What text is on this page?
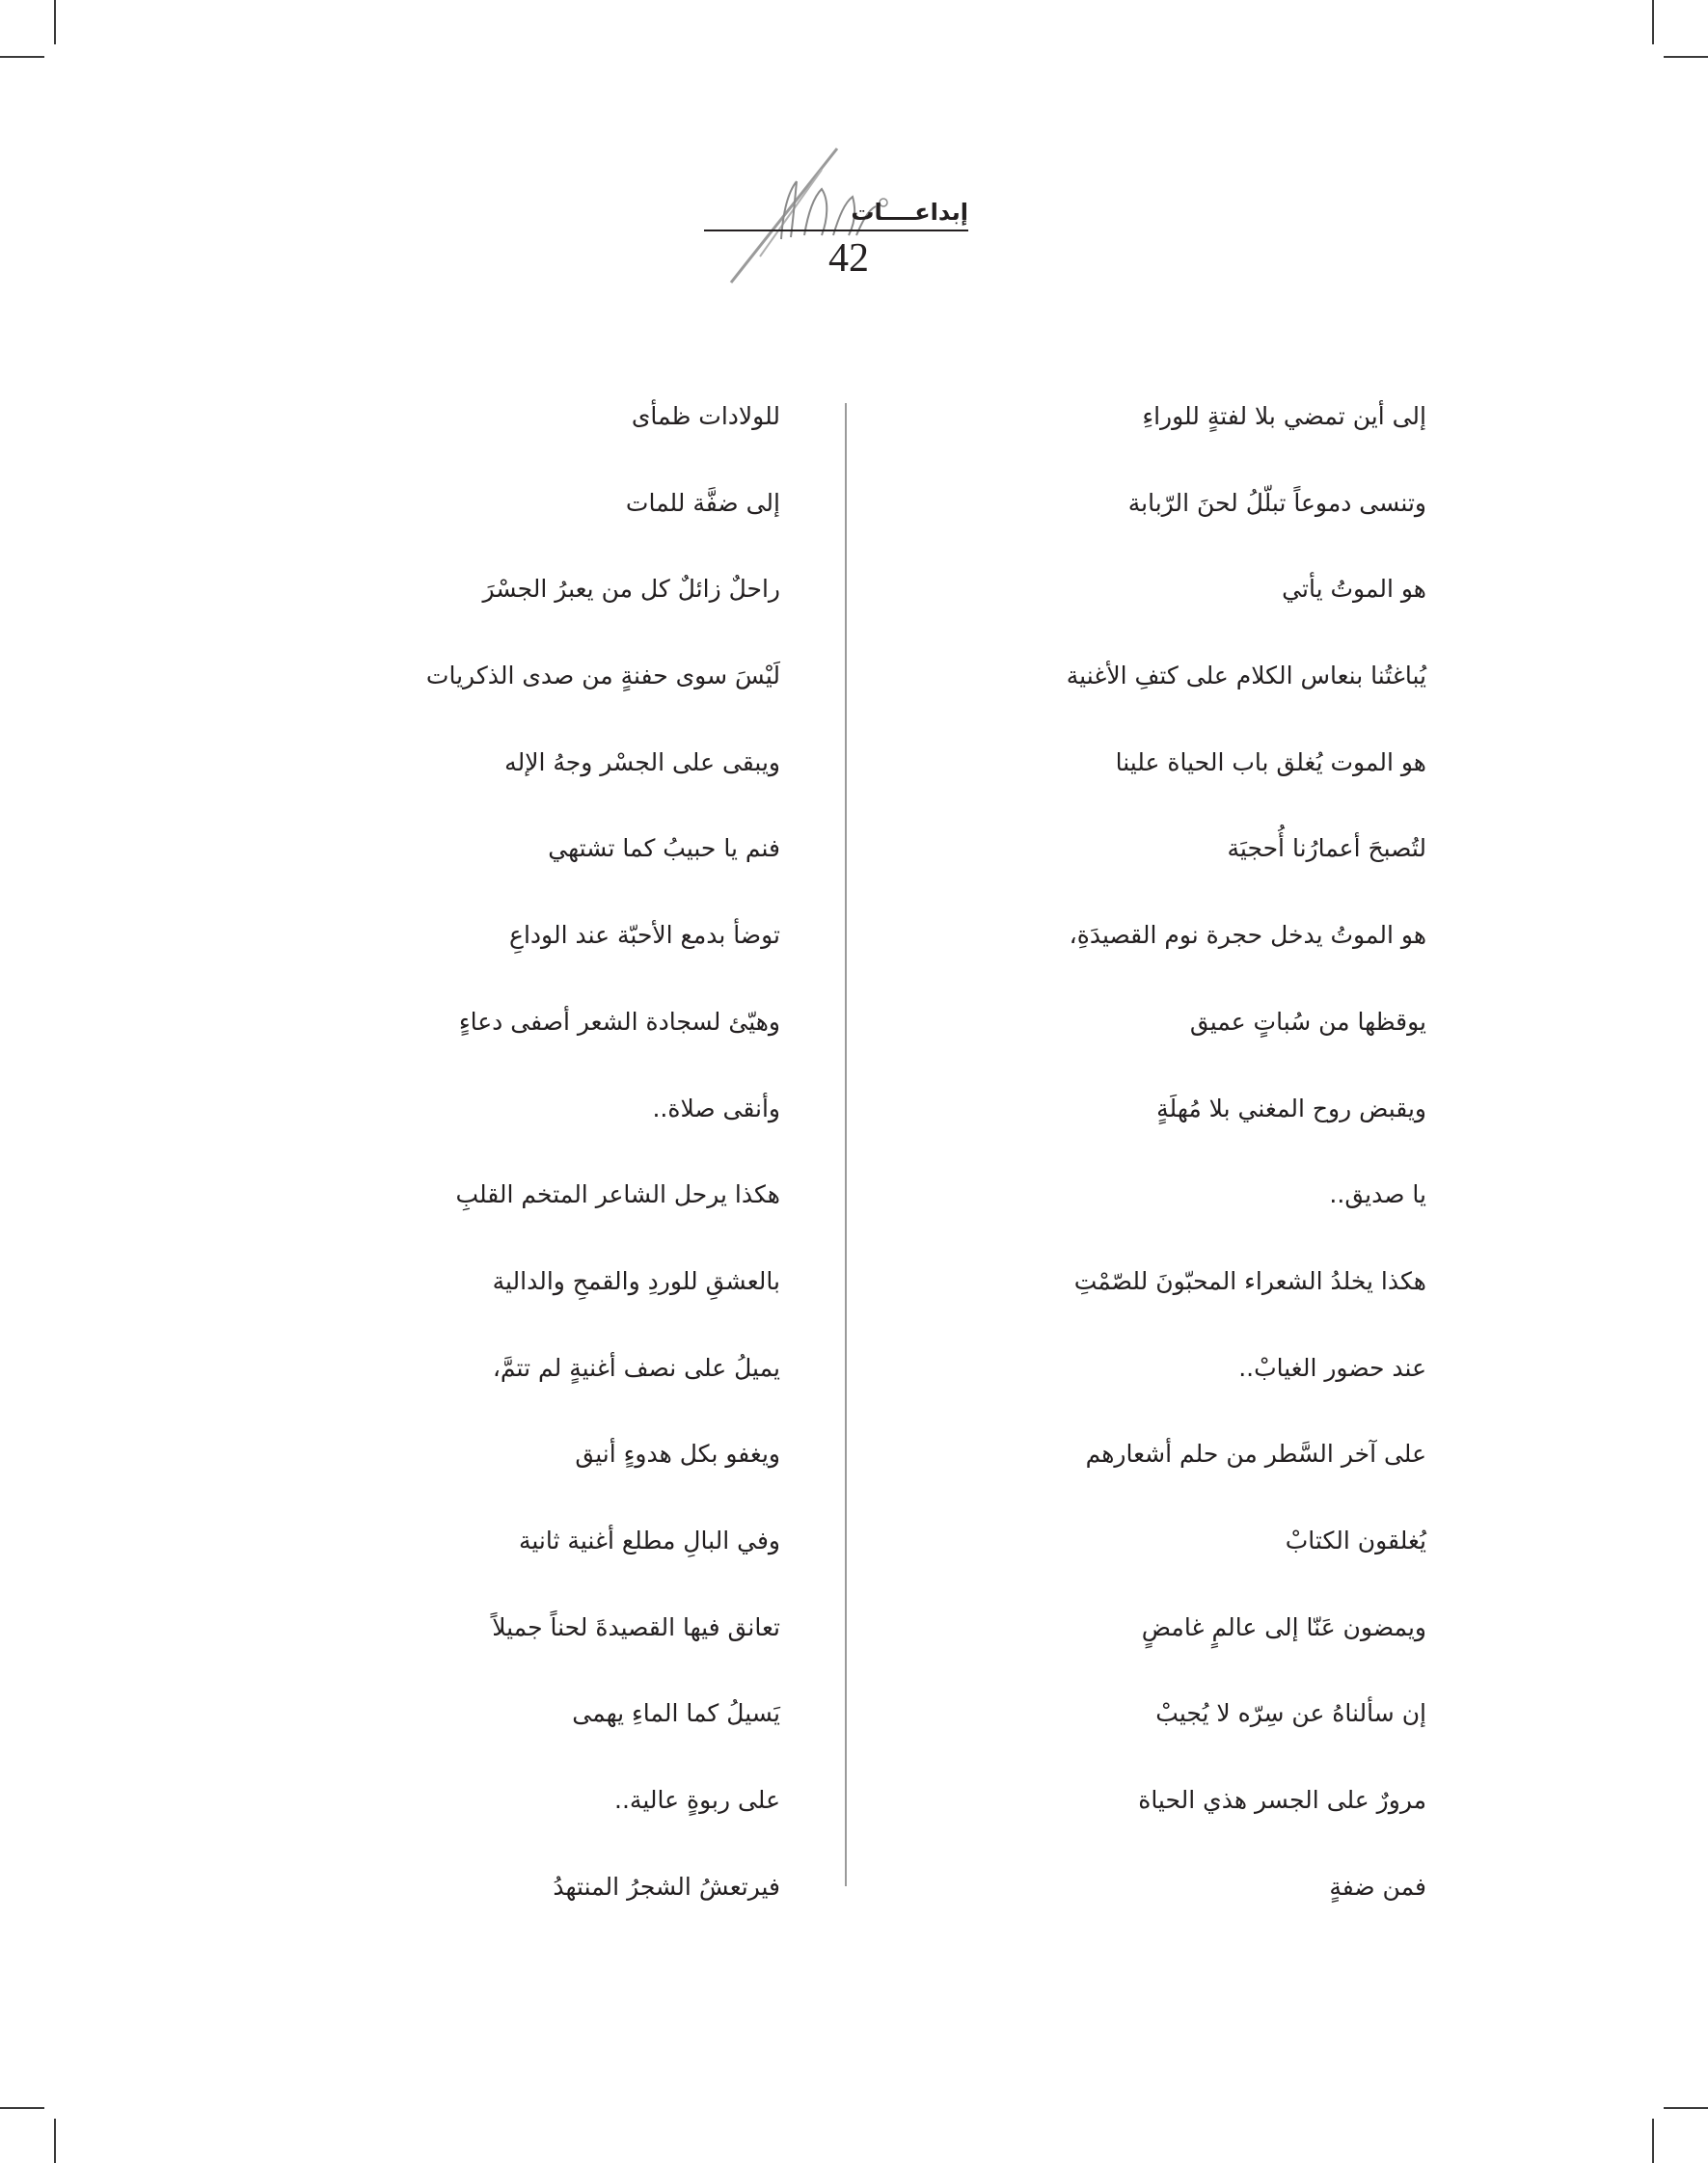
إبداعــــات
42
إلى أين تمضي بلا لفتةٍ للوراءِ
وتنسى دموعاً تبلّلُ لحنَ الرّبابة
هو الموتُ يأتي
يُباغتُنا بنعاس الكلام على كتفِ الأغنية
هو الموت يُغلق باب الحياة علينا
لتُصبحَ أعمارُنا أُحجيَة
هو الموتُ يدخل حجرة نوم القصيدَةِ،
يوقظها من سُباتٍ عميق
ويقبض روح المغني بلا مُهلَةٍ
يا صديق..
هكذا يخلدُ الشعراء المحبّونَ للصّمْتِ
عند حضور الغيابْ..
على آخر السَّطر من حلم أشعارهم
يُغلقون الكتابْ
ويمضون عَنّا إلى عالمٍ غامضٍ
إن سألناهُ عن سِرّه لا يُجيبْ
مرورٌ على الجسر هذي الحياة
فمن ضفةٍ
للولادات ظمأى
إلى ضفَّة للمات
راحلٌ زائلٌ كل من يعبرُ الجسْرَ
لَيْسَ سوى حفنةٍ من صدى الذكريات
ويبقى على الجسْر وجهُ الإله
فنم يا حبيبُ كما تشتهي
توضأ بدمع الأحبّة عند الوداعِ
وهيّئ لسجادة الشعر أصفى دعاءٍ
وأنقى صلاة..
هكذا يرحل الشاعر المتخم القلبِ
بالعشقِ للوردِ والقمحِ والدالية
يميلُ على نصف أغنيةٍ لم تتمَّ،
ويغفو بكل هدوءٍ أنيق
وفي البالِ مطلع أغنية ثانية
تعانق فيها القصيدةَ لحناً جميلاً
يَسيلُ كما الماءِ يهمى
على ربوةٍ عالية..
فيرتعشُ الشجرُ المنتهدُ
